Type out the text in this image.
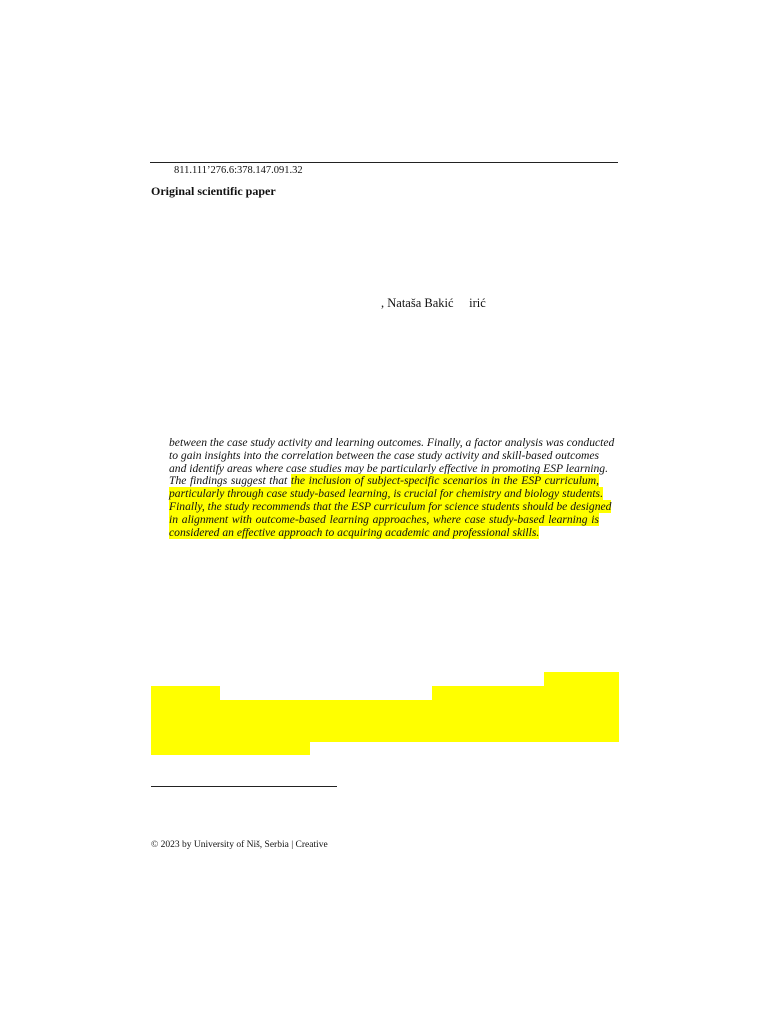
811.111’276.6:378.147.091.32
Original scientific paper
, Nataša Bakić     irić
between the case study activity and learning outcomes. Finally, a factor analysis was conducted
to gain insights into the correlation between the case study activity and skill-based outcomes
and identify areas where case studies may be particularly effective in promoting ESP learning.
The findings suggest that the inclusion of subject-specific scenarios in the ESP curriculum,
particularly through case study-based learning, is crucial for chemistry and biology students.
Finally, the study recommends that the ESP curriculum for science students should be designed
in alignment with outcome-based learning approaches, where case study-based learning is
considered an effective approach to acquiring academic and professional skills.
© 2023 by University of Niš, Serbia | Creative
